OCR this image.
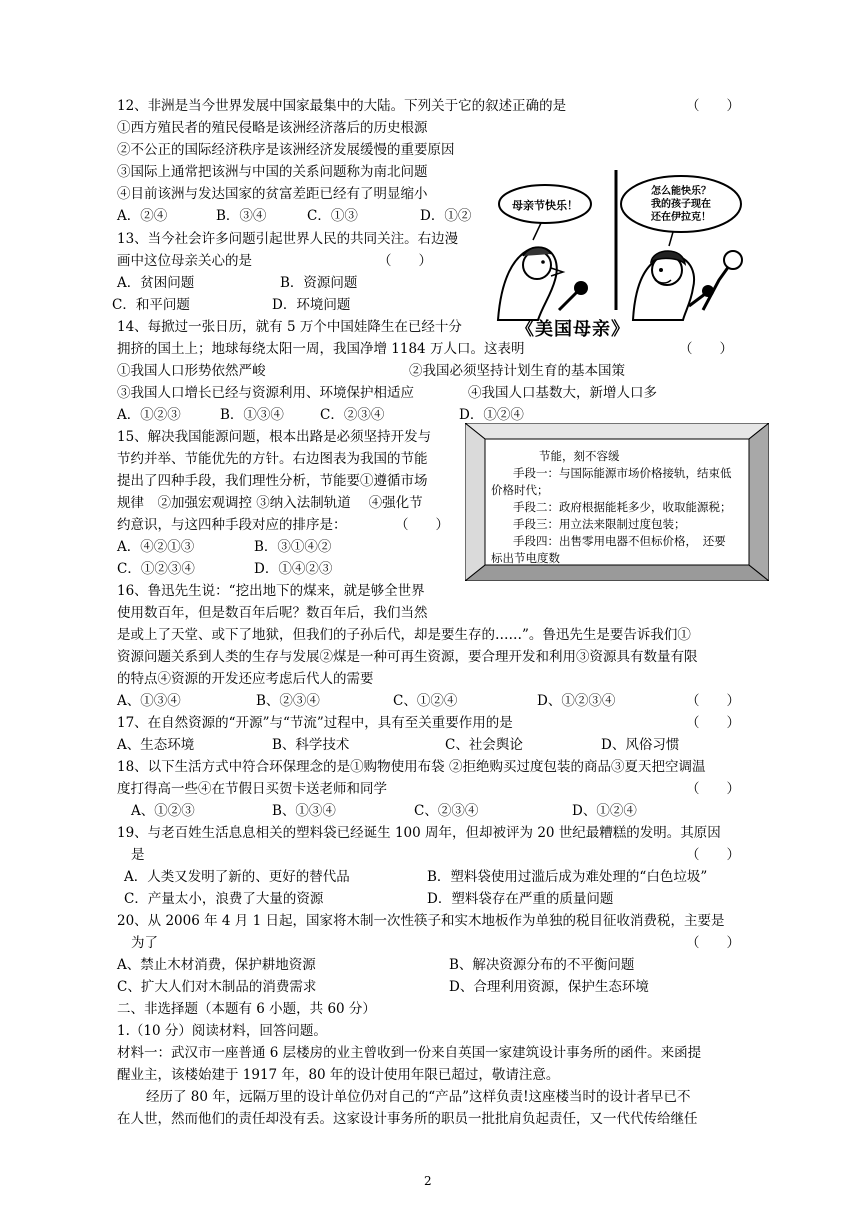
12、非洲是当今世界发展中国家最集中的大陆。下列关于它的叙述正确的是	（　　）
①西方殖民者的殖民侵略是该洲经济落后的历史根源
②不公正的国际经济秩序是该洲经济发展缓慢的重要原因
③国际上通常把该洲与中国的关系问题称为南北问题
④目前该洲与发达国家的贫富差距已经有了明显缩小
A．②④	B．③④	C．①③	D．①②
13、当今社会许多问题引起世界人民的共同关注。右边漫
画中这位母亲关心的是	（　　）
A．贫困问题	B．资源问题
C．和平问题	D．环境问题
母亲节快乐！
怎么能快乐？
我的孩子现在
还在伊拉克！
《美国母亲》
14、每掀过一张日历，就有 5 万个中国娃降生在已经十分
拥挤的国土上；地球每绕太阳一周，我国净增 1184 万人口。这表明	（　　）
①我国人口形势依然严峻	②我国必须坚持计划生育的基本国策
③我国人口增长已经与资源利用、环境保护相适应	④我国人口基数大，新增人口多
A．①②③	B．①③④	C．②③④	D．①②④
15、解决我国能源问题，根本出路是必须坚持开发与
节约并举、节能优先的方针。右边图表为我国的节能
提出了四种手段，我们理性分析，节能要①遵循市场
规律　②加强宏观调控 ③纳入法制轨道　 ④强化节
约意识，与这四种手段对应的排序是：	（　　）
A．④②①③	B．③①④②
C．①②③④	D．①④②③
节能，刻不容缓
手段一：与国际能源市场价格接轨，结束低
价格时代；
手段二：政府根据能耗多少，收取能源税；
手段三：用立法来限制过度包装；
手段四：出售零用电器不但标价格，　还要
标出节电度数
16、鲁迅先生说：“挖出地下的煤来，就是够全世界
使用数百年，但是数百年后呢？数百年后，我们当然
是或上了天堂、或下了地狱，但我们的子孙后代，却是要生存的……”。鲁迅先生是要告诉我们①
资源问题关系到人类的生存与发展②煤是一种可再生资源，要合理开发和利用③资源具有数量有限
的特点④资源的开发还应考虑后代人的需要
（　　）
A、①③④	B、②③④	C、①②④	D、①②③④
17、在自然资源的“开源”与“节流”过程中，具有至关重要作用的是	（　　）
A、生态环境	B、科学技术	C、社会舆论	D、风俗习惯
18、以下生活方式中符合环保理念的是①购物使用布袋 ②拒绝购买过度包装的商品③夏天把空调温
度打得高一些④在节假日买贺卡送老师和同学	（　　）
A、①②③	B、①③④	C、②③④	D、①②④
19、与老百姓生活息息相关的塑料袋已经诞生 100 周年，但却被评为 20 世纪最糟糕的发明。其原因
是	（　　）
A．人类又发明了新的、更好的替代品	B．塑料袋使用过滥后成为难处理的“白色垃圾”
C．产量太小，浪费了大量的资源	D．塑料袋存在严重的质量问题
20、从 2006 年 4 月 1 日起，国家将木制一次性筷子和实木地板作为单独的税目征收消费税，主要是
为了	（　　）
A、禁止木材消费，保护耕地资源	B、解决资源分布的不平衡问题
C、扩大人们对木制品的消费需求	D、合理利用资源，保护生态环境
二、非选择题（本题有 6 小题，共 60 分）
1.（10 分）阅读材料，回答问题。
材料一：武汉市一座普通 6 层楼房的业主曾收到一份来自英国一家建筑设计事务所的函件。来函提
醒业主，该楼始建于 1917 年，80 年的设计使用年限已超过，敬请注意。
经历了 80 年，远隔万里的设计单位仍对自己的“产品”这样负责!这座楼当时的设计者早已不
在人世，然而他们的责任却没有丢。这家设计事务所的职员一批批肩负起责任，又一代代传给继任
2
